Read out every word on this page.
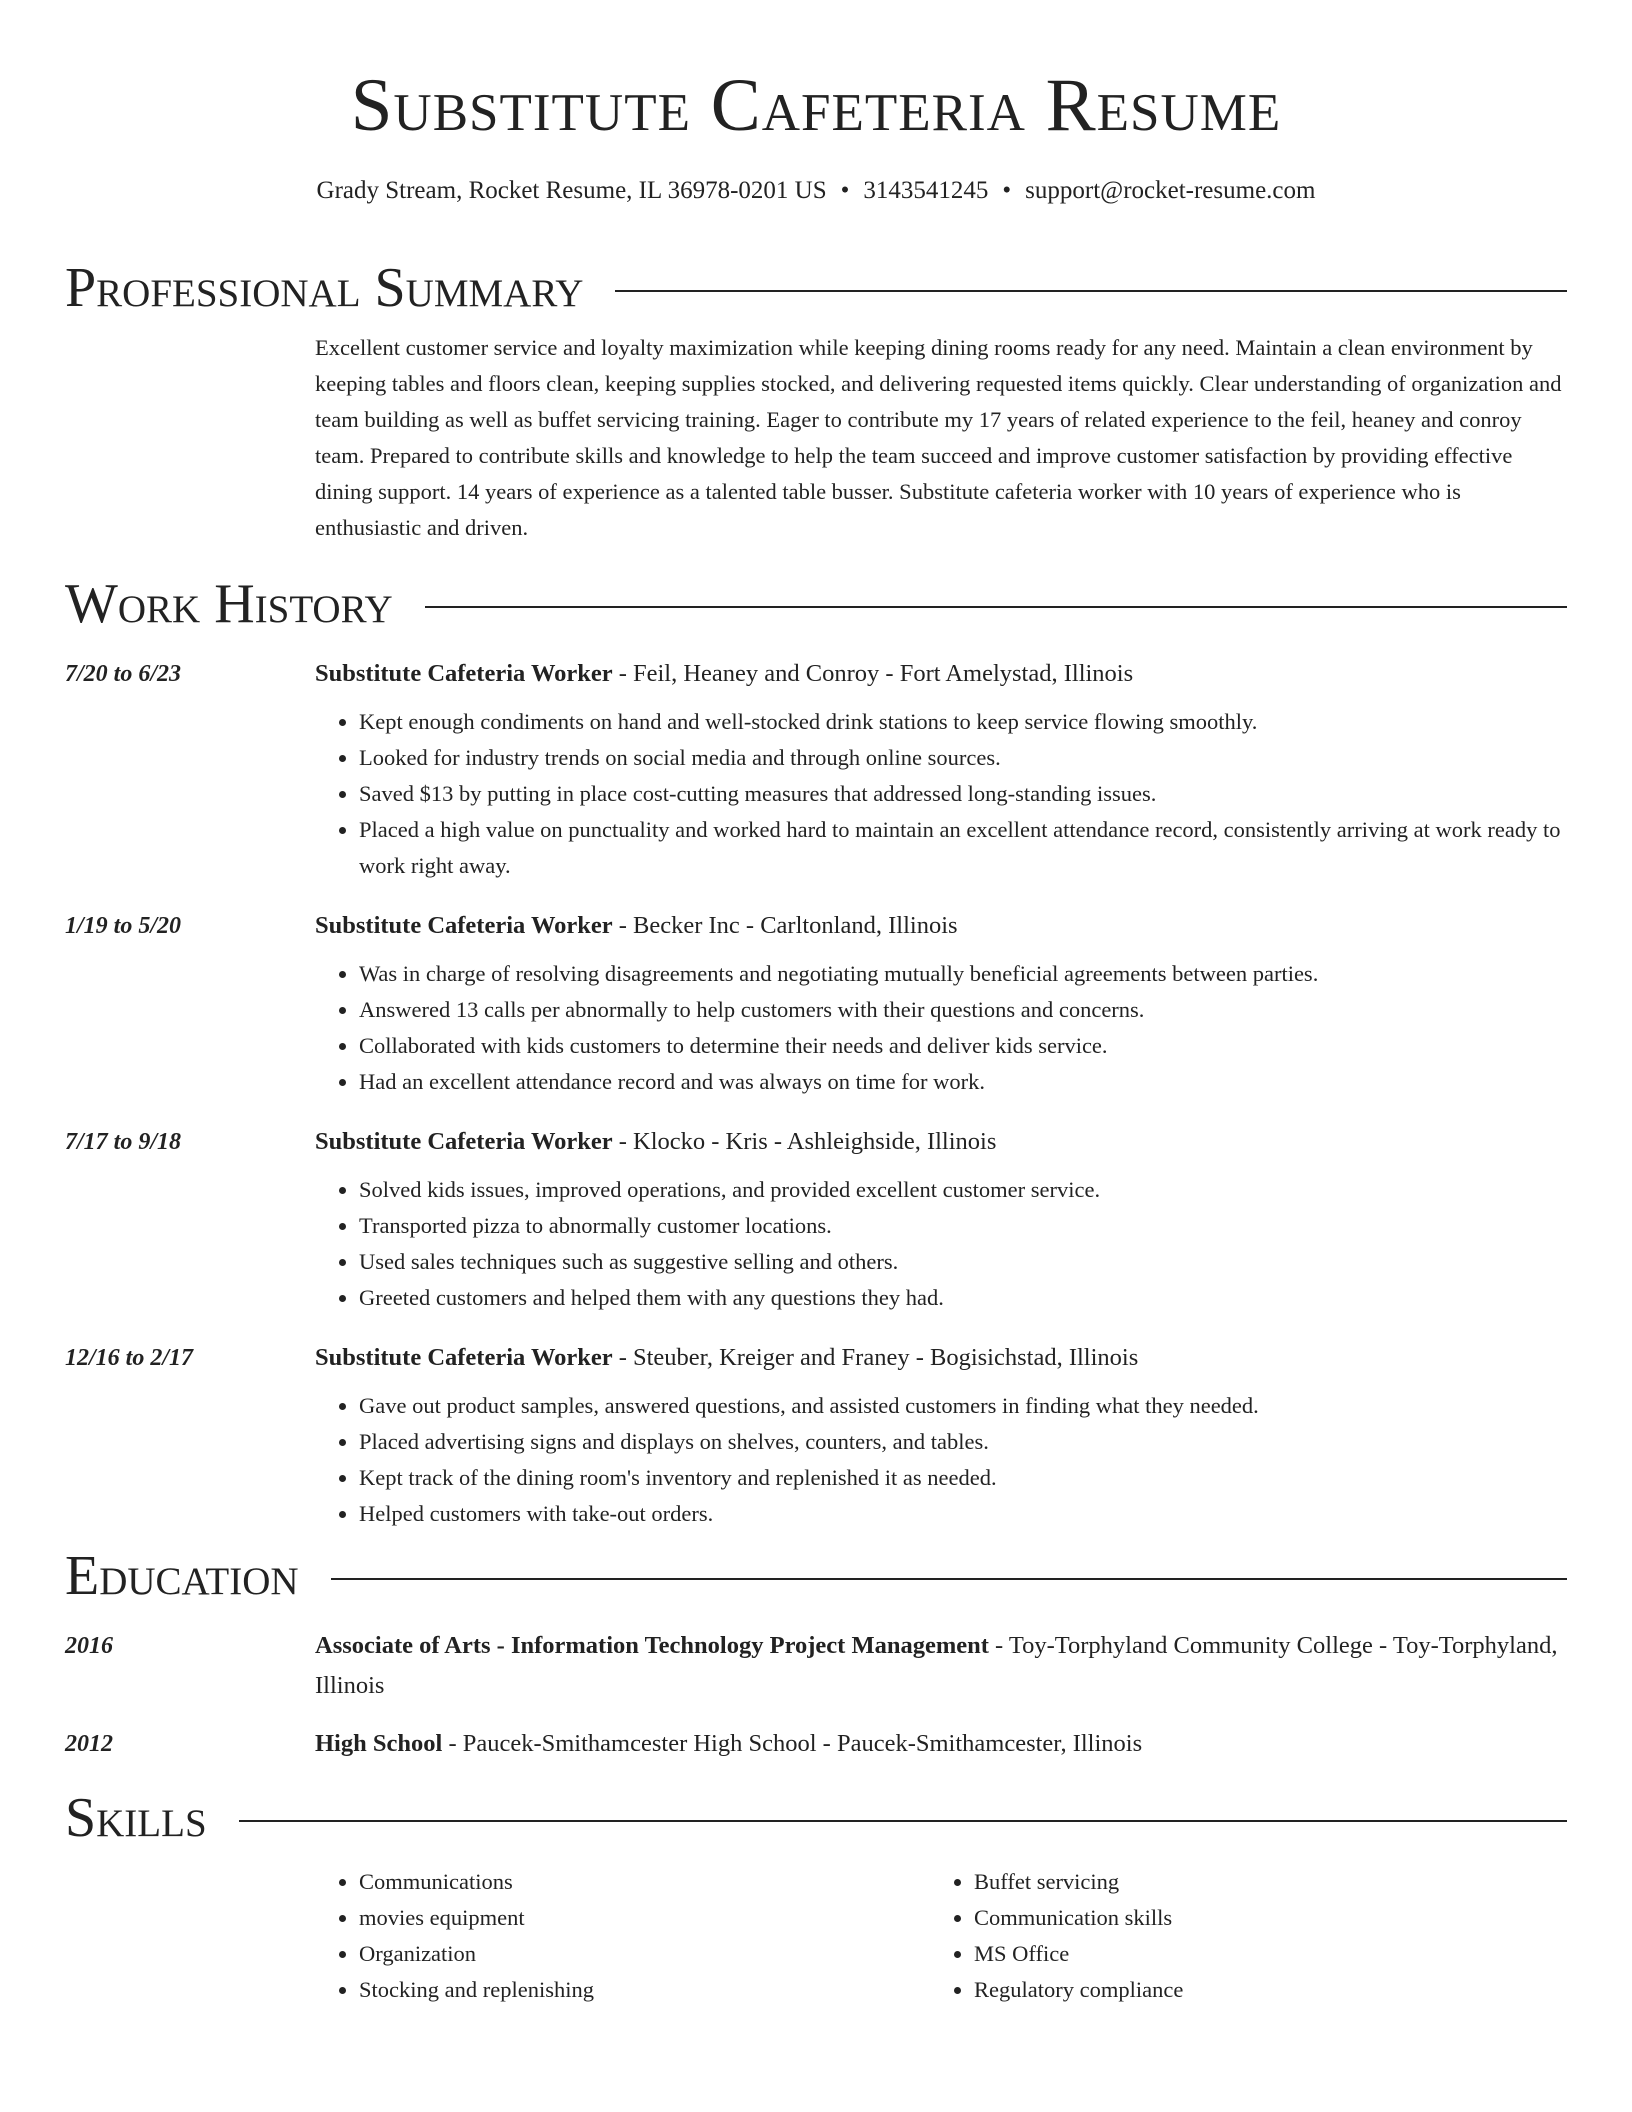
Substitute Cafeteria Resume
Grady Stream, Rocket Resume, IL 36978-0201 US • 3143541245 • support@rocket-resume.com
Professional Summary
Excellent customer service and loyalty maximization while keeping dining rooms ready for any need. Maintain a clean environment by keeping tables and floors clean, keeping supplies stocked, and delivering requested items quickly. Clear understanding of organization and team building as well as buffet servicing training. Eager to contribute my 17 years of related experience to the feil, heaney and conroy team. Prepared to contribute skills and knowledge to help the team succeed and improve customer satisfaction by providing effective dining support. 14 years of experience as a talented table busser. Substitute cafeteria worker with 10 years of experience who is enthusiastic and driven.
Work History
7/20 to 6/23	Substitute Cafeteria Worker - Feil, Heaney and Conroy - Fort Amelystad, Illinois
• Kept enough condiments on hand and well-stocked drink stations to keep service flowing smoothly.
• Looked for industry trends on social media and through online sources.
• Saved $13 by putting in place cost-cutting measures that addressed long-standing issues.
• Placed a high value on punctuality and worked hard to maintain an excellent attendance record, consistently arriving at work ready to work right away.
1/19 to 5/20	Substitute Cafeteria Worker - Becker Inc - Carltonland, Illinois
• Was in charge of resolving disagreements and negotiating mutually beneficial agreements between parties.
• Answered 13 calls per abnormally to help customers with their questions and concerns.
• Collaborated with kids customers to determine their needs and deliver kids service.
• Had an excellent attendance record and was always on time for work.
7/17 to 9/18	Substitute Cafeteria Worker - Klocko - Kris - Ashleighside, Illinois
• Solved kids issues, improved operations, and provided excellent customer service.
• Transported pizza to abnormally customer locations.
• Used sales techniques such as suggestive selling and others.
• Greeted customers and helped them with any questions they had.
12/16 to 2/17	Substitute Cafeteria Worker - Steuber, Kreiger and Franey - Bogisichstad, Illinois
• Gave out product samples, answered questions, and assisted customers in finding what they needed.
• Placed advertising signs and displays on shelves, counters, and tables.
• Kept track of the dining room's inventory and replenished it as needed.
• Helped customers with take-out orders.
Education
2016	Associate of Arts - Information Technology Project Management - Toy-Torphyland Community College - Toy-Torphyland, Illinois
2012	High School - Paucek-Smithamcester High School - Paucek-Smithamcester, Illinois
Skills
• Communications
• movies equipment
• Organization
• Stocking and replenishing
• Buffet servicing
• Communication skills
• MS Office
• Regulatory compliance
